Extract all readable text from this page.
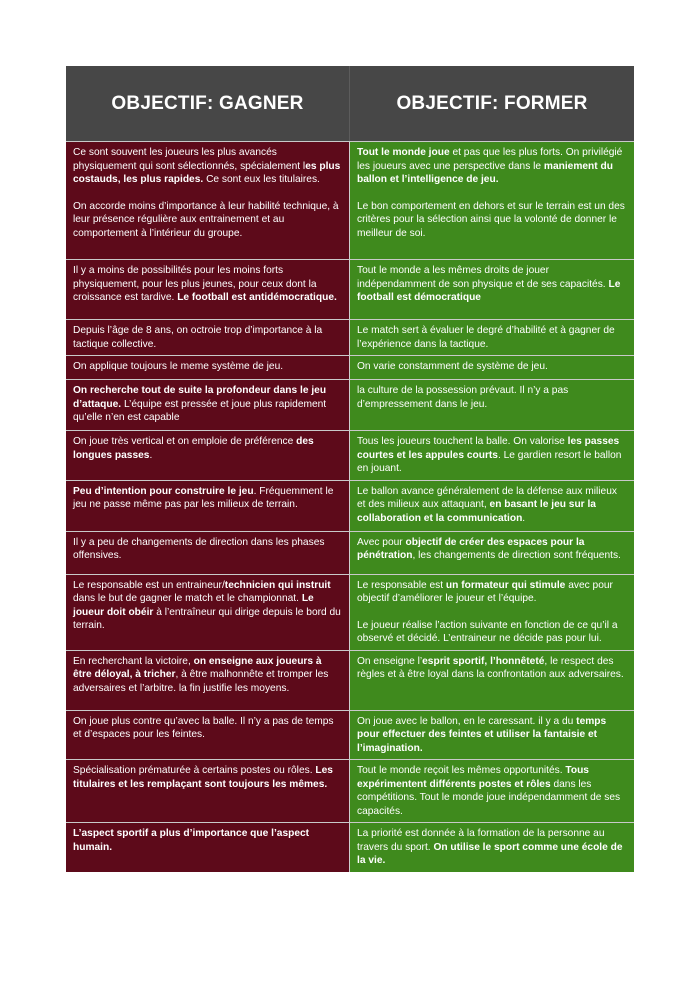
OBJECTIF: GAGNER	OBJECTIF: FORMER

Ce sont souvent les joueurs les plus avancés physiquement qui sont sélectionnés, spécialement les plus costauds, les plus rapides. Ce sont eux les titulaires.

On accorde moins d’importance à leur habilité technique, à leur présence régulière aux entrainement et au comportement à l’intérieur du groupe.

Tout le monde joue et pas que les plus forts. On privilégié les joueurs avec une perspective dans le maniement du ballon et l’intelligence de jeu.

Le bon comportement en dehors et sur le terrain est un des critères pour la sélection ainsi que la volonté de donner le meilleur de soi.

Il y a moins de possibilités pour les moins forts physiquement, pour les plus jeunes, pour ceux dont la croissance est tardive. Le football est antidémocratique.

Tout le monde a les mêmes droits de jouer indépendamment de son physique et de ses capacités. Le football est démocratique

Depuis l’âge de 8 ans, on octroie trop d’importance à la tactique collective.

Le match sert à évaluer le degré d’habilité et à gagner de l’expérience dans la tactique.

On applique toujours le meme système de jeu.	On varie constamment de système de jeu.

On recherche tout de suite la profondeur dans le jeu d’attaque. L’équipe est pressée et joue plus rapidement qu’elle n’en est capable

la culture de la possession prévaut. Il n’y a pas d’empressement dans le jeu.

On joue très vertical et on emploie de préférence des longues passes.

Tous les joueurs touchent la balle. On valorise les passes courtes et les appules courts. Le gardien resort le ballon en jouant.

Peu d’intention pour construire le jeu. Fréquemment le jeu ne passe même pas par les milieux de terrain.

Le ballon avance généralement de la défense aux milieux et des milieux aux attaquant, en basant le jeu sur la collaboration et la communication.

Il y a peu de changements de direction dans les phases offensives.

Avec pour objectif de créer des espaces pour la pénétration, les changements de direction sont fréquents.

Le responsable est un entraineur/technicien qui instruit dans le but de gagner le match et le championnat. Le joueur doit obéir à l’entraîneur qui dirige depuis le bord du terrain.

Le responsable est un formateur qui stimule avec pour objectif d’améliorer le joueur et l’équipe.

Le joueur réalise l’action suivante en fonction de ce qu’il a observé et décidé. L’entraineur ne décide pas pour lui.

En recherchant la victoire, on enseigne aux joueurs à être déloyal, à tricher, à être malhonnête et tromper les adversaires et l’arbitre. la fin justifie les moyens.

On enseigne l’esprit sportif, l’honnêteté, le respect des règles et à être loyal dans la confrontation aux adversaires.

On joue plus contre qu’avec la balle. Il n’y a pas de temps et d’espaces pour les feintes.

On joue avec le ballon, en le caressant. il y a du temps pour effectuer des feintes et utiliser la fantaisie et l’imagination.

Spécialisation prématurée à certains postes ou rôles. Les titulaires et les remplaçant sont toujours les mêmes.

Tout le monde reçoit les mêmes opportunités. Tous expérimentent différents postes et rôles dans les compétitions. Tout le monde joue indépendamment de ses capacités.

L’aspect sportif a plus d’importance que l’aspect humain.

La priorité est donnée à la formation de la personne au travers du sport. On utilise le sport comme une école de la vie.
